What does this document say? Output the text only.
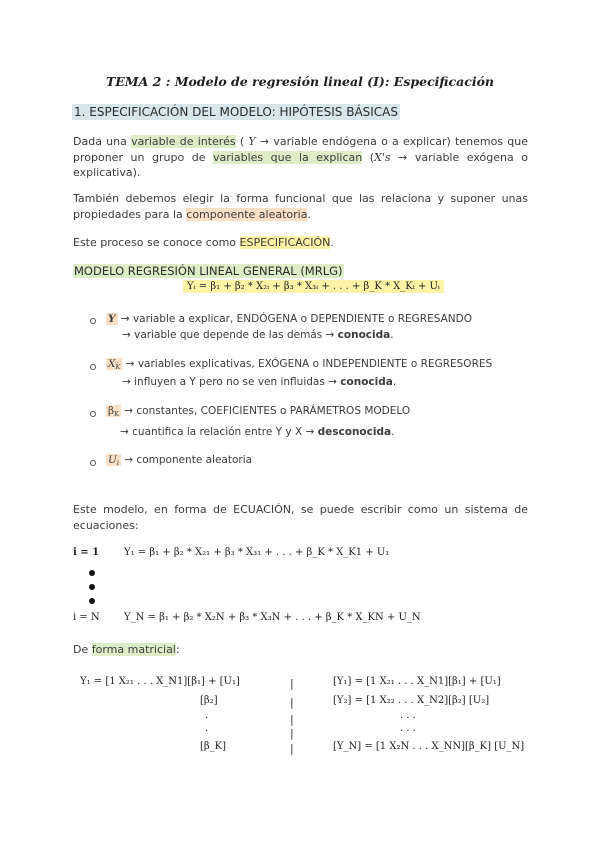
TEMA 2 : Modelo de regresión lineal (I): Especificación
1. ESPECIFICACIÓN DEL MODELO: HIPÓTESIS BÁSICAS
Dada una variable de interés ( Y → variable endógena o a explicar) tenemos que proponer un grupo de variables que la explican (X's → variable exógena o explicativa).
También debemos elegir la forma funcional que las relaciona y suponer unas propiedades para la componente aleatoria.
Este proceso se conoce como ESPECIFICACIÓN.
MODELO REGRESIÓN LINEAL GENERAL (MRLG)
Yᵢ = β₁ + β₂ * X₂ᵢ + β₃ * X₃ᵢ + . . . + β_K * X_Kᵢ + Uᵢ
Y → variable a explicar, ENDÓGENA o DEPENDIENTE o REGRESANDO
→ variable que depende de las demás → conocida.
$X_K$ → variables explicativas, EXÓGENA o INDEPENDIENTE o REGRESORES
→ influyen a Y pero no se ven influidas → conocida.
$\beta_K$ → constantes, COEFICIENTES o PARÁMETROS MODELO
→ cuantifica la relación entre Y y X → desconocida.
$U_i$ → componente aleatoria
Este modelo, en forma de ECUACIÓN, se puede escribir como un sistema de ecuaciones:
i = 1 Y₁ = β₁ + β₂ * X₂₁ + β₃ * X₃₁ + . . . + β_K * X_K1 + U₁
i = N Y_N = β₁ + β₂ * X₂N + β₃ * X₃N + . . . + β_K * X_KN + U_N
De forma matricial:
Y₁ = [1 X₂₁ . . . X_N1][β₁] + [U₁]
[β₂]
·
·
[β_K]
|
|
|
|
|
[Y₁] = [1 X₂₁ . . . X_N1][β₁] + [U₁]
[Y₂] = [1 X₂₂ . . . X_N2][β₂] [U₂]
· · ·
· · ·
[Y_N] = [1 X₂N . . . X_NN][β_K] [U_N]
